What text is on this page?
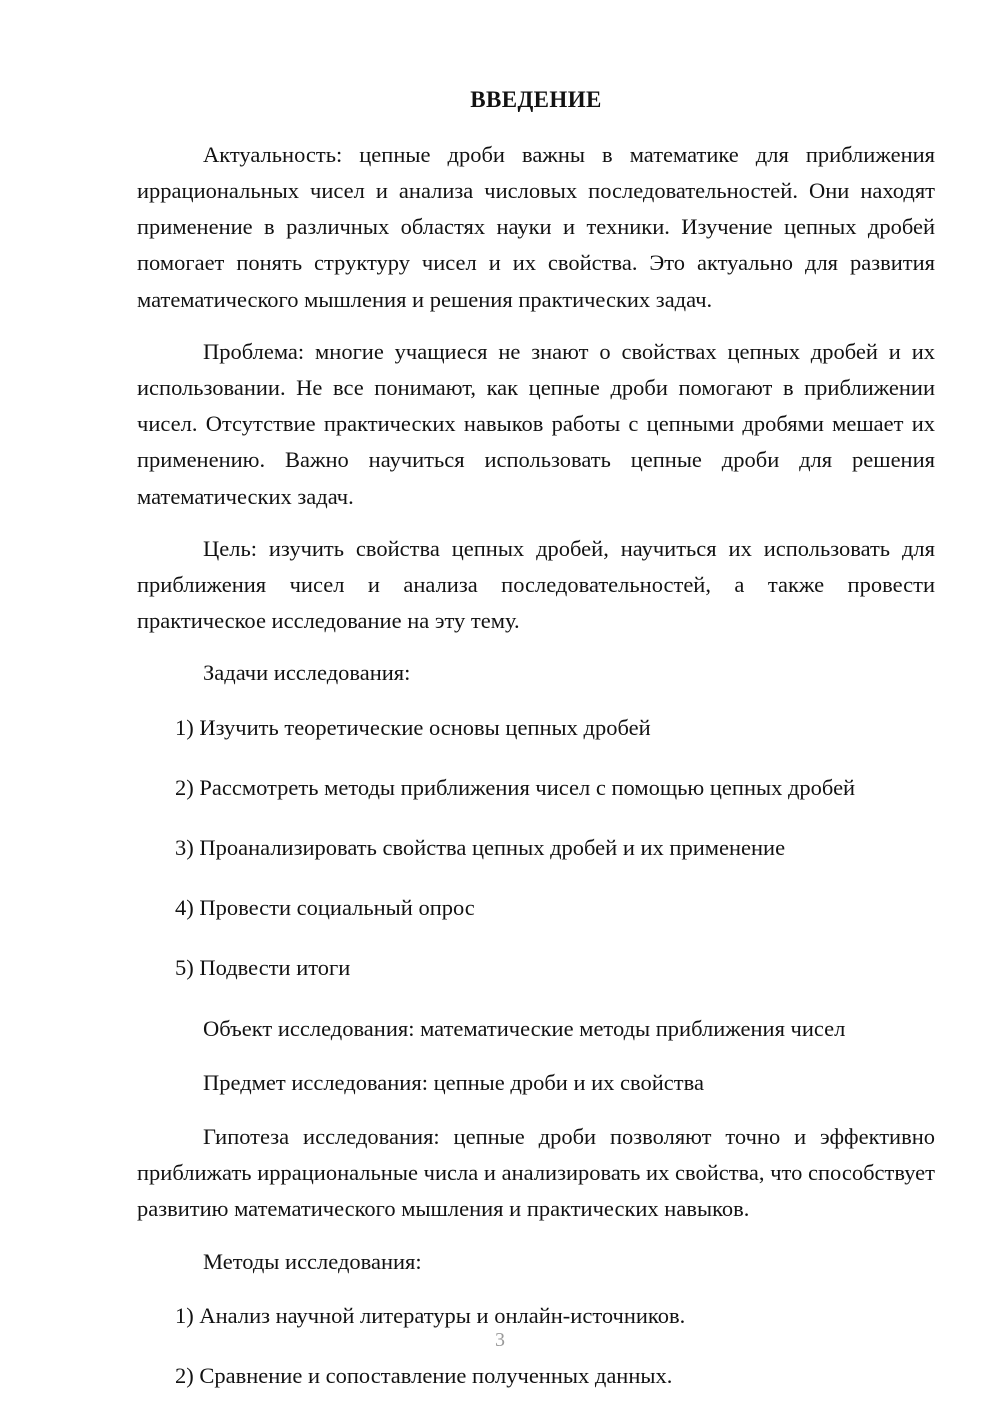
ВВЕДЕНИЕ

Актуальность: цепные дроби важны в математике для приближения иррациональных чисел и анализа числовых последовательностей. Они находят применение в различных областях науки и техники. Изучение цепных дробей помогает понять структуру чисел и их свойства. Это актуально для развития математического мышления и решения практических задач.

Проблема: многие учащиеся не знают о свойствах цепных дробей и их использовании. Не все понимают, как цепные дроби помогают в приближении чисел. Отсутствие практических навыков работы с цепными дробями мешает их применению. Важно научиться использовать цепные дроби для решения математических задач.

Цель: изучить свойства цепных дробей, научиться их использовать для приближения чисел и анализа последовательностей, а также провести практическое исследование на эту тему.

Задачи исследования:

1) Изучить теоретические основы цепных дробей
2) Рассмотреть методы приближения чисел с помощью цепных дробей
3) Проанализировать свойства цепных дробей и их применение
4) Провести социальный опрос
5) Подвести итоги

Объект исследования: математические методы приближения чисел

Предмет исследования: цепные дроби и их свойства

Гипотеза исследования: цепные дроби позволяют точно и эффективно приближать иррациональные числа и анализировать их свойства, что способствует развитию математического мышления и практических навыков.

Методы исследования:

1) Анализ научной литературы и онлайн-источников.
2) Сравнение и сопоставление полученных данных.
3
